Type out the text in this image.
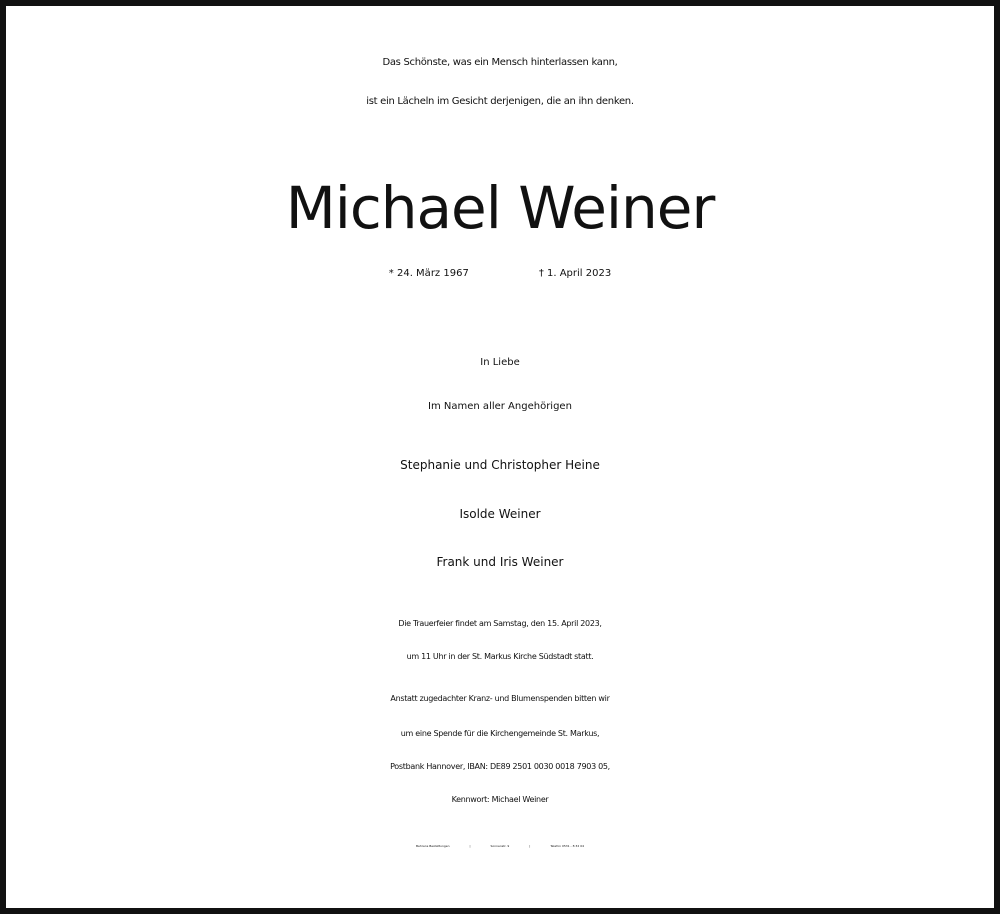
Das Schönste, was ein Mensch hinterlassen kann,
ist ein Lächeln im Gesicht derjenigen, die an ihn denken.
Michael Weiner
* 24. März 1967	† 1. April 2023
In Liebe
Im Namen aller Angehörigen
Stephanie und Christopher Heine
Isolde Weiner
Frank und Iris Weiner
Die Trauerfeier findet am Samstag, den 15. April 2023,
um 11 Uhr in der St. Markus Kirche Südstadt statt.
Anstatt zugedachter Kranz- und Blumenspenden bitten wir
um eine Spende für die Kirchengemeinde St. Markus,
Postbank Hannover, IBAN: DE89 2501 0030 0018 7903 05,
Kennwort: Michael Weiner
Behrens Bestattungen	|	Sonnenstr. 9	|	Telefon 0531 - 8 32 04
